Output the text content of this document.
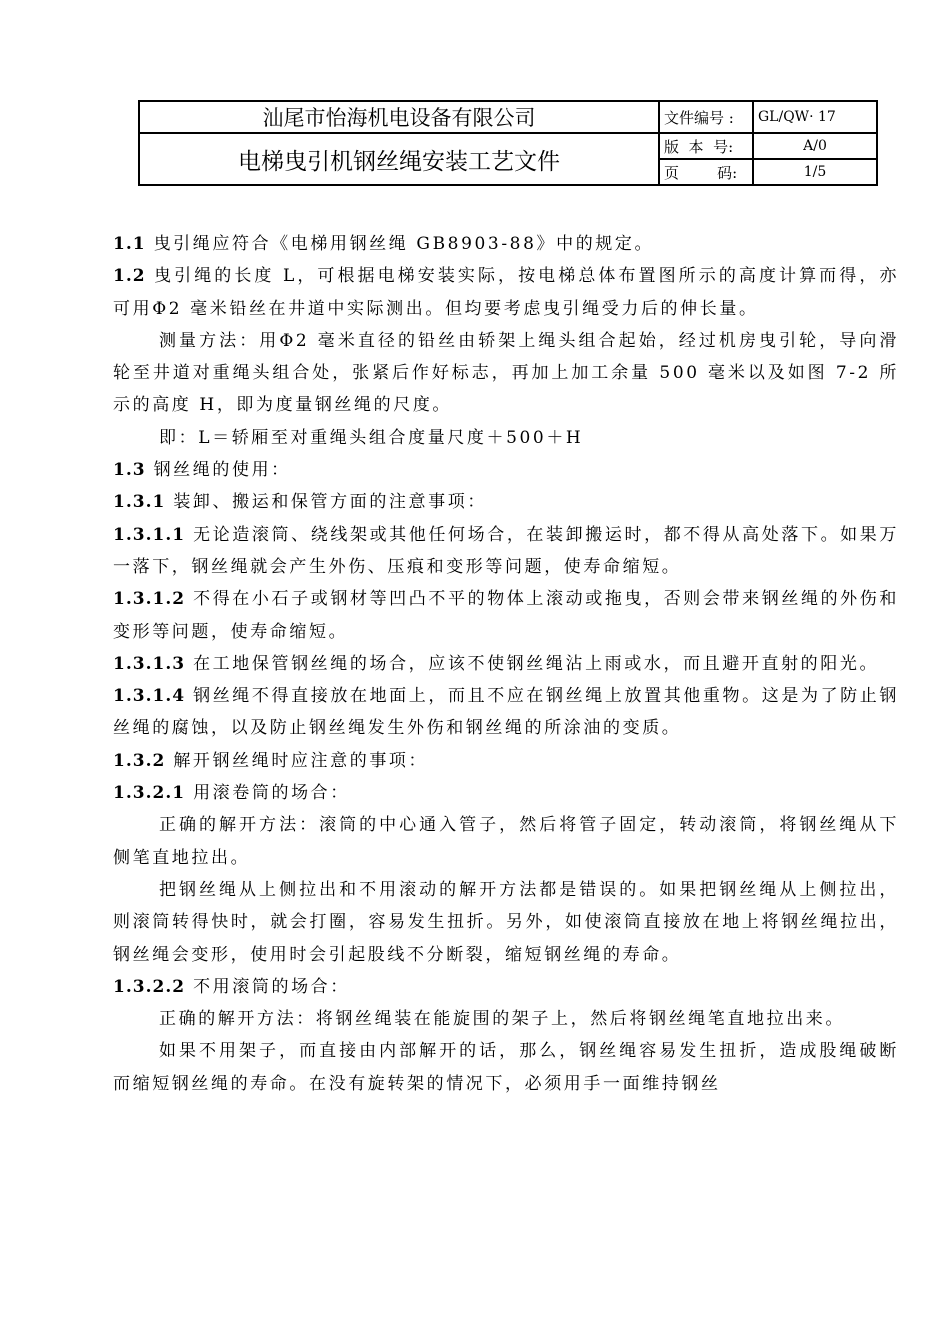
汕尾市怡海机电设备有限公司	文件编号 :	GL/QW· 17
电梯曳引机钢丝绳安装工艺文件	版  本  号:	A/0
	页        码:	1/5

1.1 曳引绳应符合《电梯用钢丝绳 GB8903-88》中的规定。

1.2 曳引绳的长度 L，可根据电梯安装实际，按电梯总体布置图所示的高度计算而得，亦可用Φ2 毫米铅丝在井道中实际测出。但均要考虑曳引绳受力后的伸长量。

测量方法：用Φ2 毫米直径的铅丝由轿架上绳头组合起始，经过机房曳引轮，导向滑轮至井道对重绳头组合处，张紧后作好标志，再加上加工余量 500 毫米以及如图 7-2 所示的高度 H，即为度量钢丝绳的尺度。

即：L＝轿厢至对重绳头组合度量尺度＋500＋H

1.3 钢丝绳的使用：

1.3.1 装卸、搬运和保管方面的注意事项：

1.3.1.1 无论造滚筒、绕线架或其他任何场合，在装卸搬运时，都不得从高处落下。如果万一落下，钢丝绳就会产生外伤、压痕和变形等问题，使寿命缩短。

1.3.1.2 不得在小石子或钢材等凹凸不平的物体上滚动或拖曳，否则会带来钢丝绳的外伤和变形等问题，使寿命缩短。

1.3.1.3 在工地保管钢丝绳的场合，应该不使钢丝绳沾上雨或水，而且避开直射的阳光。

1.3.1.4 钢丝绳不得直接放在地面上，而且不应在钢丝绳上放置其他重物。这是为了防止钢丝绳的腐蚀，以及防止钢丝绳发生外伤和钢丝绳的所涂油的变质。

1.3.2 解开钢丝绳时应注意的事项：

1.3.2.1 用滚卷筒的场合：

正确的解开方法：滚筒的中心通入管子，然后将管子固定，转动滚筒，将钢丝绳从下侧笔直地拉出。

把钢丝绳从上侧拉出和不用滚动的解开方法都是错误的。如果把钢丝绳从上侧拉出，则滚筒转得快时，就会打圈，容易发生扭折。另外，如使滚筒直接放在地上将钢丝绳拉出，钢丝绳会变形，使用时会引起股线不分断裂，缩短钢丝绳的寿命。

1.3.2.2 不用滚筒的场合：

正确的解开方法：将钢丝绳装在能旋围的架子上，然后将钢丝绳笔直地拉出来。

如果不用架子，而直接由内部解开的话，那么，钢丝绳容易发生扭折，造成股绳破断而缩短钢丝绳的寿命。在没有旋转架的情况下，必须用手一面维持钢丝
